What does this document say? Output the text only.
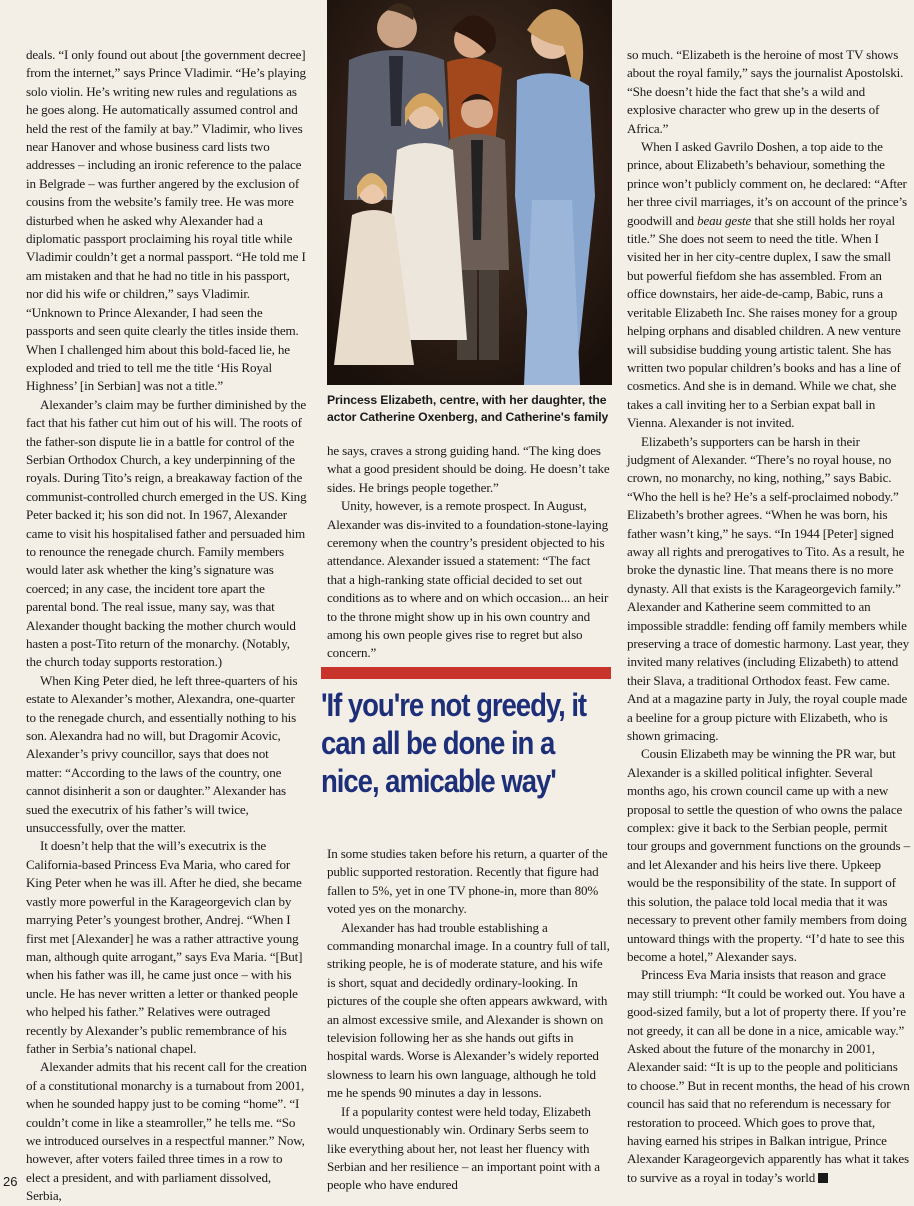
deals. “I only found out about [the government decree] from the internet,” says Prince Vladimir. “He’s playing solo violin. He’s writing new rules and regulations as he goes along. He automatically assumed control and held the rest of the family at bay.” Vladimir, who lives near Hanover and whose business card lists two addresses – including an ironic reference to the palace in Belgrade – was further angered by the exclusion of cousins from the website’s family tree. He was more disturbed when he asked why Alexander had a diplomatic passport proclaiming his royal title while Vladimir couldn’t get a normal passport. “He told me I am mistaken and that he had no title in his passport, nor did his wife or children,” says Vladimir. “Unknown to Prince Alexander, I had seen the passports and seen quite clearly the titles inside them. When I challenged him about this bold-faced lie, he exploded and tried to tell me the title ‘His Royal Highness’ [in Serbian] was not a title.”

Alexander’s claim may be further diminished by the fact that his father cut him out of his will. The roots of the father-son dispute lie in a battle for control of the Serbian Orthodox Church, a key underpinning of the royals. During Tito’s reign, a breakaway faction of the communist-controlled church emerged in the US. King Peter backed it; his son did not. In 1967, Alexander came to visit his hospitalised father and persuaded him to renounce the renegade church. Family members would later ask whether the king’s signature was coerced; in any case, the incident tore apart the parental bond. The real issue, many say, was that Alexander thought backing the mother church would hasten a post-Tito return of the monarchy. (Notably, the church today supports restoration.)

When King Peter died, he left three-quarters of his estate to Alexander’s mother, Alexandra, one-quarter to the renegade church, and essentially nothing to his son. Alexandra had no will, but Dragomir Acovic, Alexander’s privy councillor, says that does not matter: “According to the laws of the country, one cannot disinherit a son or daughter.” Alexander has sued the executrix of his father’s will twice, unsuccessfully, over the matter.

It doesn’t help that the will’s executrix is the California-based Princess Eva Maria, who cared for King Peter when he was ill. After he died, she became vastly more powerful in the Karageorgevich clan by marrying Peter’s youngest brother, Andrej. “When I first met [Alexander] he was a rather attractive young man, although quite arrogant,” says Eva Maria. “[But] when his father was ill, he came just once – with his uncle. He has never written a letter or thanked people who helped his father.” Relatives were outraged recently by Alexander’s public remembrance of his father in Serbia’s national chapel.

Alexander admits that his recent call for the creation of a constitutional monarchy is a turnabout from 2001, when he sounded happy just to be coming “home”. “I couldn’t come in like a steamroller,” he tells me. “So we introduced ourselves in a respectful manner.” Now, however, after voters failed three times in a row to elect a president, and with parliament dissolved, Serbia,

Princess Elizabeth, centre, with her daughter, the actor Catherine Oxenberg, and Catherine's family

he says, craves a strong guiding hand. “The king does what a good president should be doing. He doesn’t take sides. He brings people together.”

Unity, however, is a remote prospect. In August, Alexander was dis-invited to a foundation-stone-laying ceremony when the country’s president objected to his attendance. Alexander issued a statement: “The fact that a high-ranking state official decided to set out conditions as to where and on which occasion... an heir to the throne might show up in his own country and among his own people gives rise to regret but also concern.”

'If you're not greedy, it can all be done in a nice, amicable way'

In some studies taken before his return, a quarter of the public supported restoration. Recently that figure had fallen to 5%, yet in one TV phone-in, more than 80% voted yes on the monarchy.

Alexander has had trouble establishing a commanding monarchal image. In a country full of tall, striking people, he is of moderate stature, and his wife is short, squat and decidedly ordinary-looking. In pictures of the couple she often appears awkward, with an almost excessive smile, and Alexander is shown on television following her as she hands out gifts in hospital wards. Worse is Alexander’s widely reported slowness to learn his own language, although he told me he spends 90 minutes a day in lessons.

If a popularity contest were held today, Elizabeth would unquestionably win. Ordinary Serbs seem to like everything about her, not least her fluency with Serbian and her resilience – an important point with a people who have endured

so much. “Elizabeth is the heroine of most TV shows about the royal family,” says the journalist Apostolski. “She doesn’t hide the fact that she’s a wild and explosive character who grew up in the deserts of Africa.”

When I asked Gavrilo Doshen, a top aide to the prince, about Elizabeth’s behaviour, something the prince won’t publicly comment on, he declared: “After her three civil marriages, it’s on account of the prince’s goodwill and beau geste that she still holds her royal title.” She does not seem to need the title. When I visited her in her city-centre duplex, I saw the small but powerful fiefdom she has assembled. From an office downstairs, her aide-de-camp, Babic, runs a veritable Elizabeth Inc. She raises money for a group helping orphans and disabled children. A new venture will subsidise budding young artistic talent. She has written two popular children’s books and has a line of cosmetics. And she is in demand. While we chat, she takes a call inviting her to a Serbian expat ball in Vienna. Alexander is not invited.

Elizabeth’s supporters can be harsh in their judgment of Alexander. “There’s no royal house, no crown, no monarchy, no king, nothing,” says Babic. “Who the hell is he? He’s a self-proclaimed nobody.” Elizabeth’s brother agrees. “When he was born, his father wasn’t king,” he says. “In 1944 [Peter] signed away all rights and prerogatives to Tito. As a result, he broke the dynastic line. That means there is no more dynasty. All that exists is the Karageorgevich family.” Alexander and Katherine seem committed to an impossible straddle: fending off family members while preserving a trace of domestic harmony. Last year, they invited many relatives (including Elizabeth) to attend their Slava, a traditional Orthodox feast. Few came. And at a magazine party in July, the royal couple made a beeline for a group picture with Elizabeth, who is shown grimacing.

Cousin Elizabeth may be winning the PR war, but Alexander is a skilled political infighter. Several months ago, his crown council came up with a new proposal to settle the question of who owns the palace complex: give it back to the Serbian people, permit tour groups and government functions on the grounds – and let Alexander and his heirs live there. Upkeep would be the responsibility of the state. In support of this solution, the palace told local media that it was necessary to prevent other family members from doing untoward things with the property. “I’d hate to see this become a hotel,” Alexander says.

Princess Eva Maria insists that reason and grace may still triumph: “It could be worked out. You have a good-sized family, but a lot of property there. If you’re not greedy, it can all be done in a nice, amicable way.” Asked about the future of the monarchy in 2001, Alexander said: “It is up to the people and politicians to choose.” But in recent months, the head of his crown council has said that no referendum is necessary for restoration to proceed. Which goes to prove that, having earned his stripes in Balkan intrigue, Prince Alexander Karageorgevich apparently has what it takes to survive as a royal in today’s world

26
